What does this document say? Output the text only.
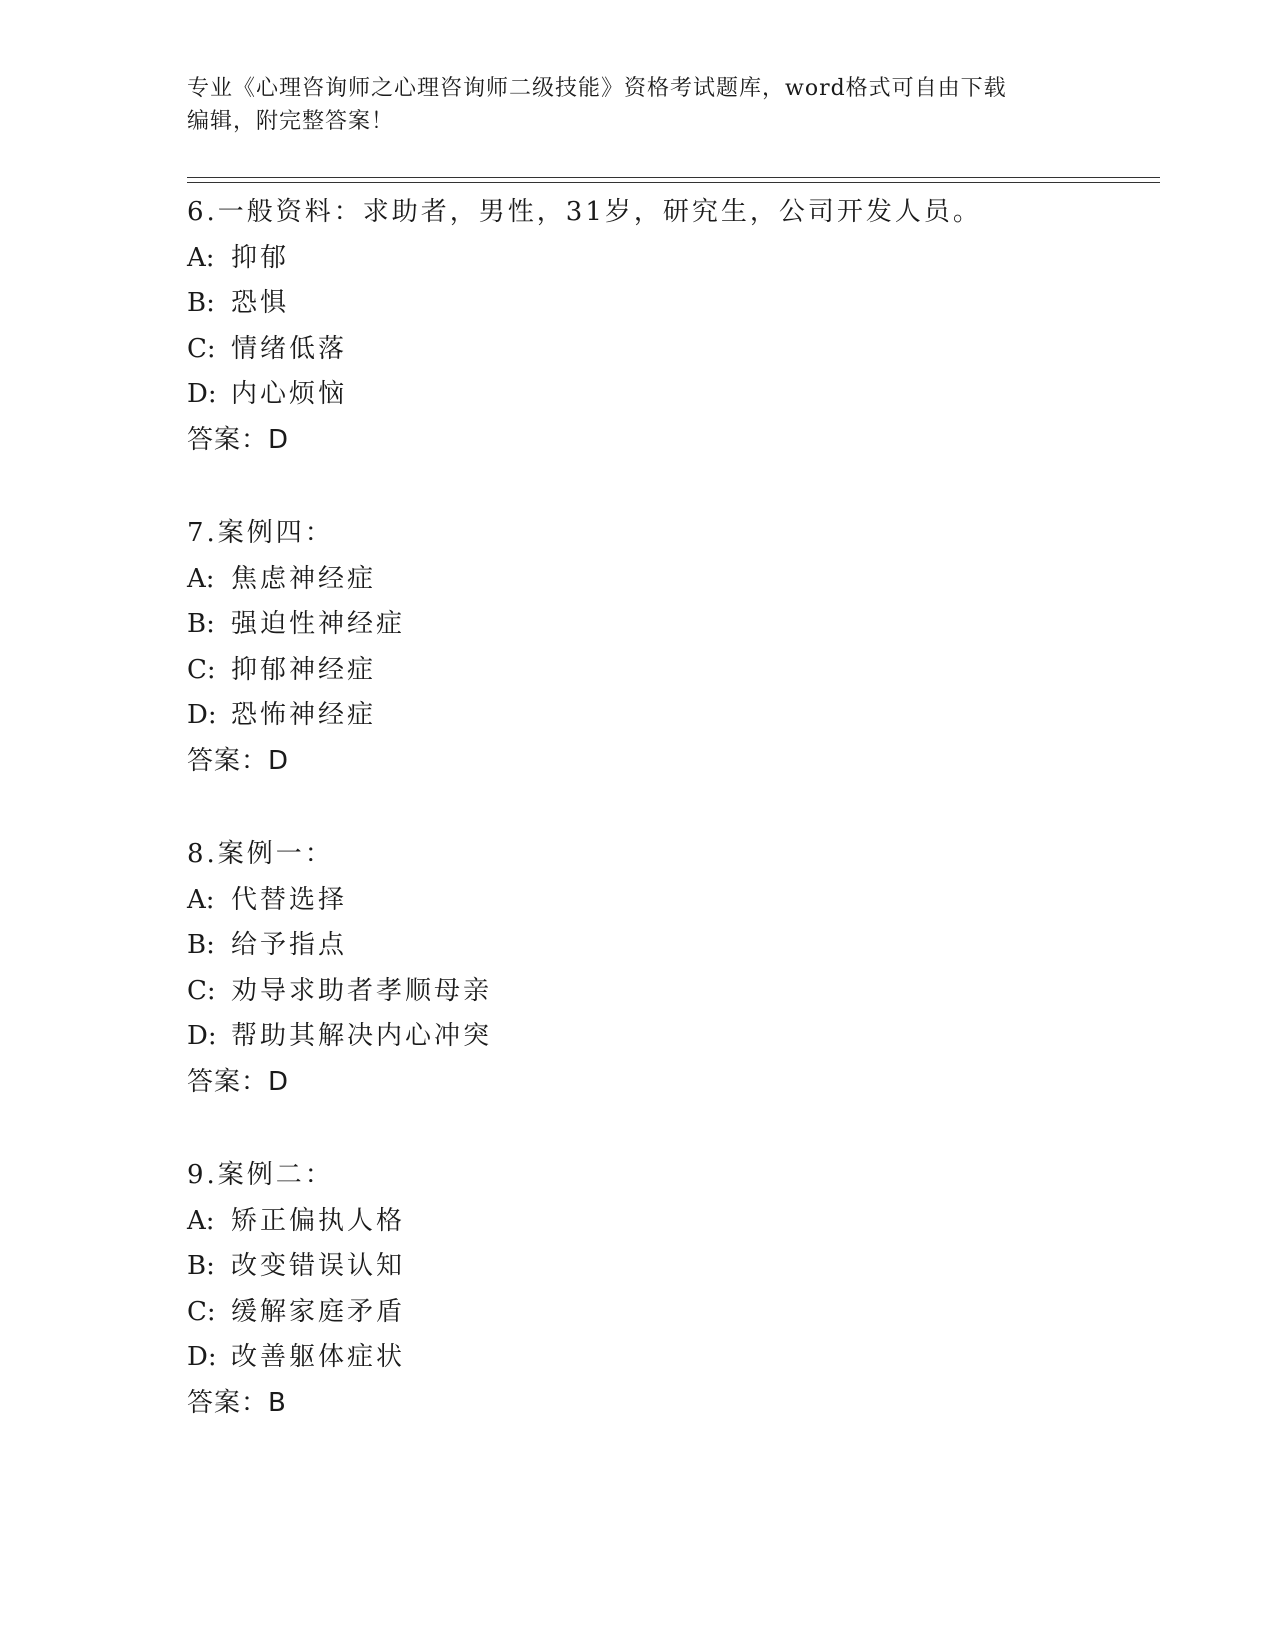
专业《心理咨询师之心理咨询师二级技能》资格考试题库，word格式可自由下载
编辑，附完整答案！
6.一般资料：求助者，男性，31岁，研究生，公司开发人员。
A: 抑郁
B: 恐惧
C: 情绪低落
D: 内心烦恼
答案：D
7.案例四：
A: 焦虑神经症
B: 强迫性神经症
C: 抑郁神经症
D: 恐怖神经症
答案：D
8.案例一：
A: 代替选择
B: 给予指点
C: 劝导求助者孝顺母亲
D: 帮助其解决内心冲突
答案：D
9.案例二：
A: 矫正偏执人格
B: 改变错误认知
C: 缓解家庭矛盾
D: 改善躯体症状
答案：B
